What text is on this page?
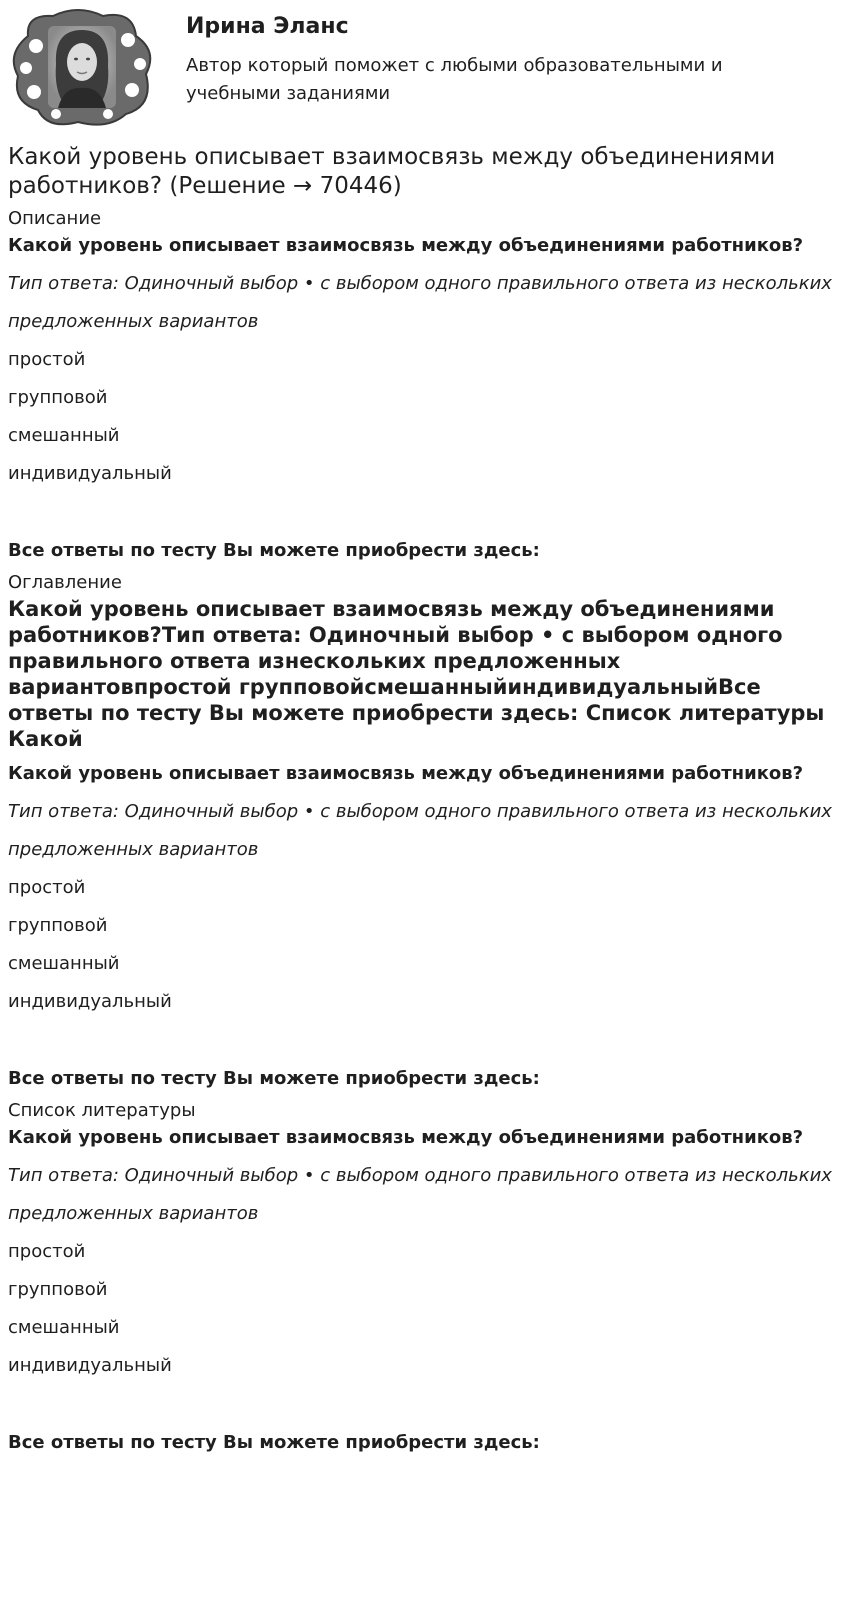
Ирина Эланс
Автор который поможет с любыми образовательными и учебными заданиями
Какой уровень описывает взаимосвязь между объединениями работников? (Решение → 70446)
Описание

Какой уровень описывает взаимосвязь между объединениями работников?

Тип ответа: Одиночный выбор • с выбором одного правильного ответа из нескольких предложенных вариантов
простой
групповой
смешанный
индивидуальный
Все ответы по тесту Вы можете приобрести здесь:
Оглавление
Какой уровень описывает взаимосвязь между объединениями работников?Тип ответа: Одиночный выбор • с выбором одного правильного ответа изнескольких предложенных вариантовпростой групповойсмешанныйиндивидуальныйВсе ответы по тесту Вы можете приобрести здесь: Список литературы Какой

Какой уровень описывает взаимосвязь между объединениями работников?

Тип ответа: Одиночный выбор • с выбором одного правильного ответа из нескольких предложенных вариантов
простой
групповой
смешанный
индивидуальный
Все ответы по тесту Вы можете приобрести здесь:
Список литературы

Какой уровень описывает взаимосвязь между объединениями работников?

Тип ответа: Одиночный выбор • с выбором одного правильного ответа из нескольких предложенных вариантов
простой
групповой
смешанный
индивидуальный
Все ответы по тесту Вы можете приобрести здесь:
